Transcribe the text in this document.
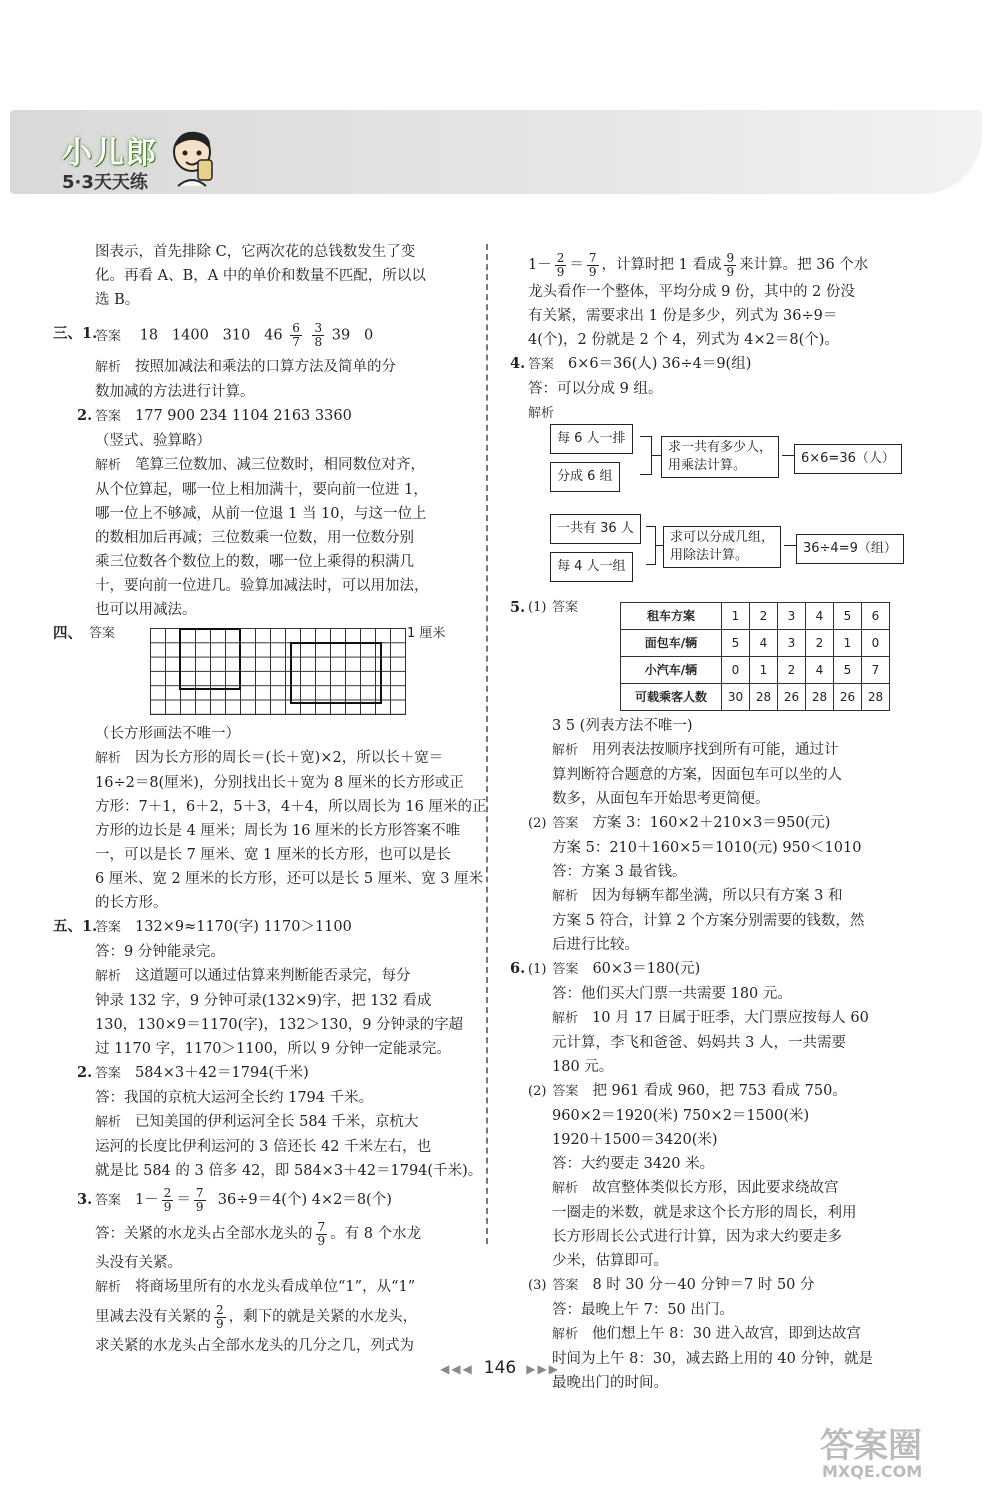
小儿郎
5·3天天练
图表示，首先排除 C，它两次花的总钱数发生了变
化。再看 A、B，A 中的单价和数量不匹配，所以以
选 B。
三、1.
答案 18 1400 310 $46 \frac{6}{7}$
$\frac{3}{8} 39$ 0
解析 按照加减法和乘法的口算方法及简单的分
数加减的方法进行计算。
2. 答案 177 900 234 1104 2163 3360
（竖式、验算略）
解析 笔算三位数加、减三位数时，相同数位对齐，
从个位算起，哪一位上相加满十，要向前一位进 1，
哪一位上不够减，从前一位退 1 当 10，与这一位上
的数相加后再减；三位数乘一位数，用一位数分别
乘三位数各个数位上的数，哪一位上乘得的积满几
十，要向前一位进几。验算加减法时，可以用加法，
也可以用减法。
四、 答案	1 厘米
（长方形画法不唯一）
解析 因为长方形的周长＝(长＋宽)×2，所以长＋宽＝
16÷2＝8(厘米)，分别找出长＋宽为 8 厘米的长方形或正
方形：7＋1，6＋2，5＋3，4＋4，所以周长为 16 厘米的正
方形的边长是 4 厘米；周长为 16 厘米的长方形答案不唯
一，可以是长 7 厘米、宽 1 厘米的长方形，也可以是长
6 厘米、宽 2 厘米的长方形，还可以是长 5 厘米、宽 3 厘米
的长方形。
五、1.
答案 132×9≈1170(字) 1170＞1100
答：9 分钟能录完。
解析 这道题可以通过估算来判断能否录完，每分
钟录 132 字，9 分钟可录(132×9)字，把 132 看成
130，130×9＝1170(字)，132＞130，9 分钟录的字超
过 1170 字，1170＞1100，所以 9 分钟一定能录完。
2. 答案 584×3＋42＝1794(千米)
答：我国的京杭大运河全长约 1794 千米。
解析 已知美国的伊利运河全长 584 千米，京杭大
运河的长度比伊利运河的 3 倍还长 42 千米左右，也
就是比 584 的 3 倍多 42，即 584×3＋42＝1794(千米)。
3. 答案 $1- \frac{2}{9} = \frac{7}{9} 36\div 9=4$(个) 4×2＝8(个)
答：关紧的水龙头占全部水龙头的 $\frac{7}{9}$ 。有 8 个水龙
头没有关紧。
解析 将商场里所有的水龙头看成单位“1”，从“1”
里减去没有关紧的 $\frac{2}{9}$ ，剩下的就是关紧的水龙头，
求关紧的水龙头占全部水龙头的几分之几，列式为
$1- \frac{2}{9} = \frac{7}{9}$ ，计算时把 1 看成 $\frac{9}{9}$ 来计算。把 36 个水
龙头看作一个整体，平均分成 9 份，其中的 2 份没
有关紧，需要求出 1 份是多少，列式为 36÷9＝
4(个)，2 份就是 2 个 4，列式为 4×2＝8(个)。
4. 答案 6×6＝36(人) 36÷4＝9(组)
答：可以分成 9 组。
解析
每 6 人一排
分成 6 组
求一共有多少人，
用乘法计算。	6×6=36（人）
一共有 36 人
每 4 人一组
求可以分成几组，
用除法计算。	36÷4=9（组）
5. (1) 答案
租车方案	1	2	3	4	5	6
面包车/辆	5	4	3	2	1	0
小汽车/辆	0	1	2	4	5	7
可载乘客人数	30	28	26	28	26	28
3 5 (列表方法不唯一)
解析 用列表法按顺序找到所有可能，通过计
算判断符合题意的方案，因面包车可以坐的人
数多，从面包车开始思考更简便。
(2) 答案 方案 3：160×2＋210×3＝950(元)
方案 5：210＋160×5＝1010(元) 950＜1010
答：方案 3 最省钱。
解析 因为每辆车都坐满，所以只有方案 3 和
方案 5 符合，计算 2 个方案分别需要的钱数，然
后进行比较。
6. (1) 答案 60×3＝180(元)
答：他们买大门票一共需要 180 元。
解析 10 月 17 日属于旺季，大门票应按每人 60
元计算，李飞和爸爸、妈妈共 3 人，一共需要
180 元。
(2) 答案 把 961 看成 960，把 753 看成 750。
960×2＝1920(米) 750×2＝1500(米)
1920＋1500＝3420(米)
答：大约要走 3420 米。
解析 故宫整体类似长方形，因此要求绕故宫
一圈走的米数，就是求这个长方形的周长，利用
长方形周长公式进行计算，因为求大约要走多
少米，估算即可。
(3) 答案 8 时 30 分－40 分钟＝7 时 50 分
答：最晚上午 7：50 出门。
解析 他们想上午 8：30 进入故宫，即到达故宫
时间为上午 8：30，减去路上用的 40 分钟，就是
最晚出门的时间。
◀◀◀ 146 ▶▶▶
答案圈
MXQE.COM
